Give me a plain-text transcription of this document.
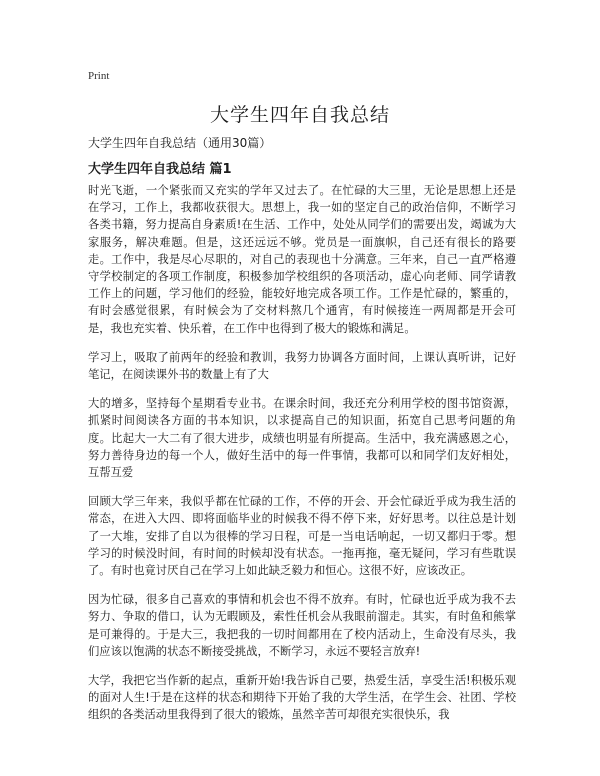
Print
大学生四年自我总结

大学生四年自我总结（通用30篇）

大学生四年自我总结 篇1

时光飞逝，一个紧张而又充实的学年又过去了。在忙碌的大三里，无论是思想上还是在学习，工作上，我都收获很大。思想上，我一如的坚定自己的政治信仰，不断学习各类书籍，努力提高自身素质!在生活、工作中，处处从同学们的需要出发，竭诚为大家服务，解决难题。但是，这还远远不够。党员是一面旗帜，自己还有很长的路要走。工作中，我是尽心尽职的，对自己的表现也十分满意。三年来，自己一直严格遵守学校制定的各项工作制度，积极参加学校组织的各项活动，虚心向老师、同学请教工作上的问题，学习他们的经验，能较好地完成各项工作。工作是忙碌的，繁重的，有时会感觉很累，有时候会为了交材料熬几个通宵，有时候接连一两周都是开会可是，我也充实着、快乐着，在工作中也得到了极大的锻炼和满足。

学习上，吸取了前两年的经验和教训，我努力协调各方面时间，上课认真听讲，记好笔记，在阅读课外书的数量上有了大

大的增多，坚持每个星期看专业书。在课余时间，我还充分利用学校的图书馆资源，抓紧时间阅读各方面的书本知识，以求提高自己的知识面，拓宽自己思考问题的角度。比起大一大二有了很大进步，成绩也明显有所提高。生活中，我充满感恩之心，努力善待身边的每一个人，做好生活中的每一件事情，我都可以和同学们友好相处，互帮互爱

回顾大学三年来，我似乎都在忙碌的工作，不停的开会、开会忙碌近乎成为我生活的常态，在进入大四、即将面临毕业的时候我不得不停下来，好好思考。以往总是计划了一大堆，安排了自以为很棒的学习日程，可是一当电话响起，一切又都归于零。想学习的时候没时间，有时间的时候却没有状态。一拖再拖，毫无疑问，学习有些耽误了。有时也竟讨厌自己在学习上如此缺乏毅力和恒心。这很不好，应该改正。

因为忙碌，很多自己喜欢的事情和机会也不得不放弃。有时，忙碌也近乎成为我不去努力、争取的借口，认为无暇顾及，索性任机会从我眼前溜走。其实，有时鱼和熊掌是可兼得的。于是大三，我把我的一切时间都用在了校内活动上，生命没有尽头，我们应该以饱满的状态不断接受挑战，不断学习，永远不要轻言放弃!

大学，我把它当作新的起点，重新开始!我告诉自己要，热爱生活，享受生活!积极乐观的面对人生!于是在这样的状态和期待下开始了我的大学生活，在学生会、社团、学校组织的各类活动里我得到了很大的锻炼，虽然辛苦可却很充实很快乐，我
